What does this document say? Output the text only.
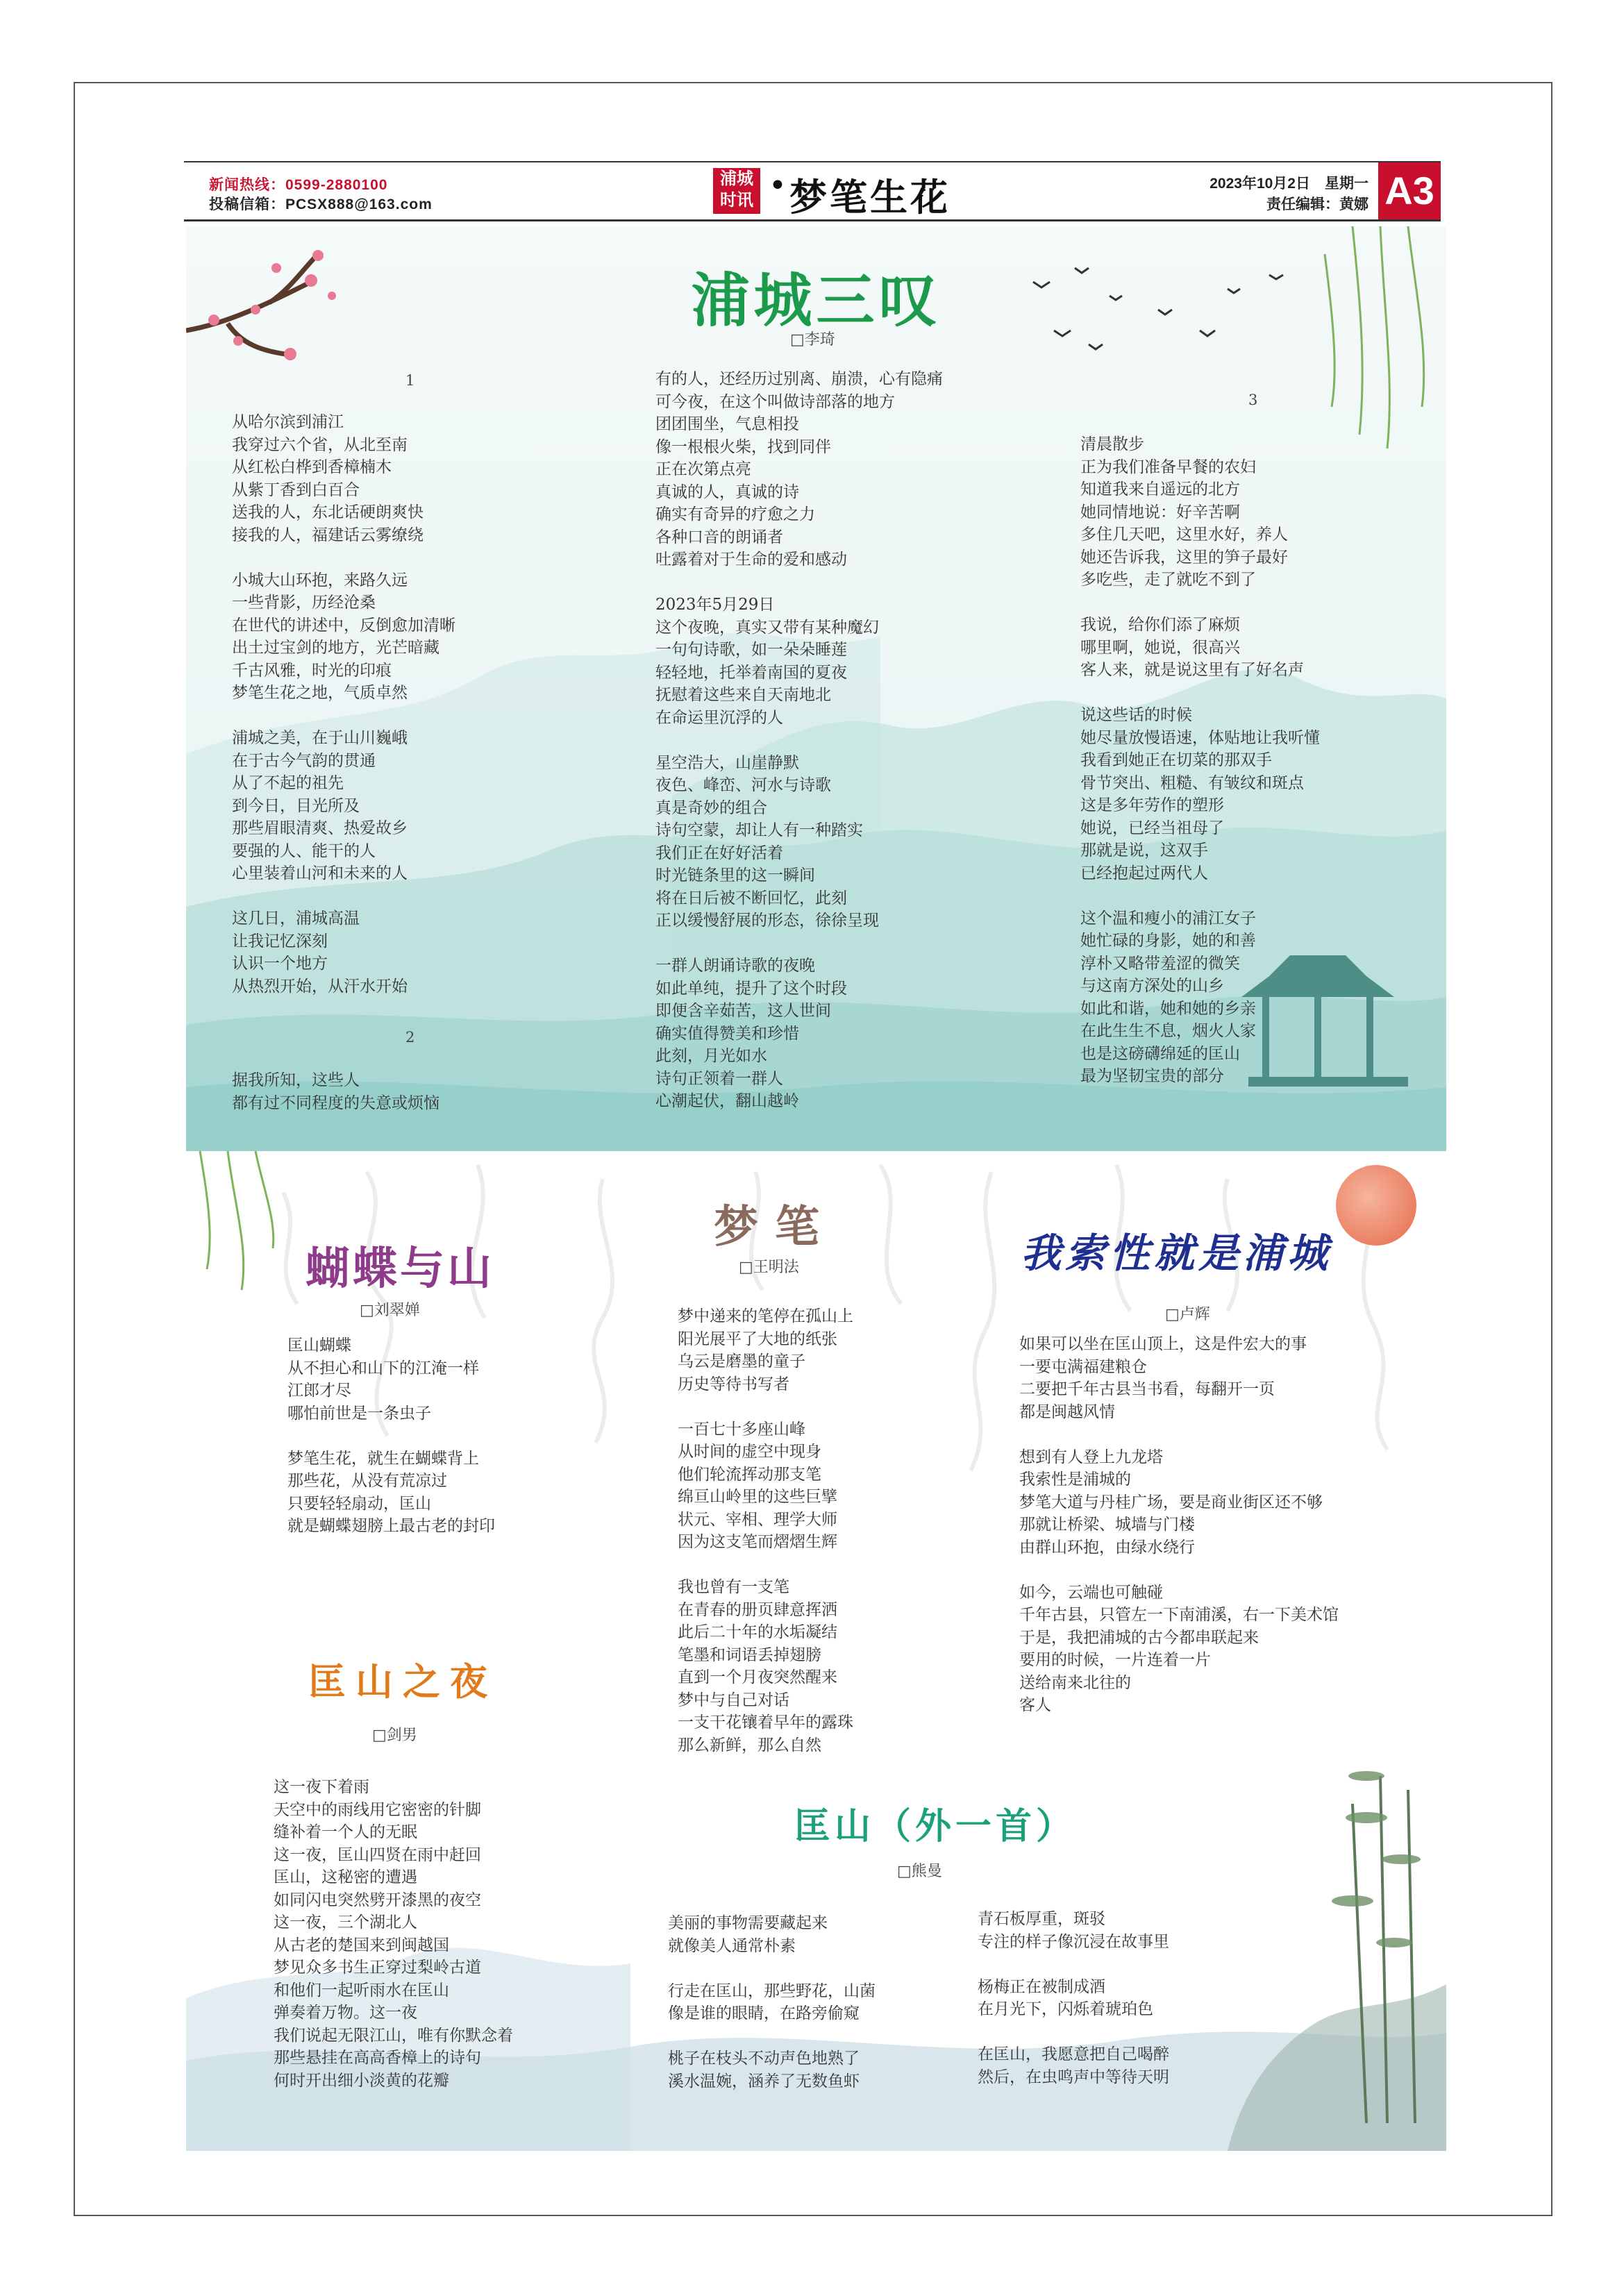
新闻热线：0599-2880100
投稿信箱：PCSX888@163.com
浦城
时讯 • 梦笔生花	2023年10月2日　星期一
责任编辑：黄娜 A3
浦城三叹
□李琦
1
2
3

从哈尔滨到浦江

我穿过六个省，从北至南

从红松白桦到香樟楠木

从紫丁香到白百合

送我的人，东北话硬朗爽快

接我的人，福建话云雾缭绕

小城大山环抱，来路久远

一些背影，历经沧桑

在世代的讲述中，反倒愈加清晰

出土过宝剑的地方，光芒暗藏

千古风雅，时光的印痕

梦笔生花之地，气质卓然

浦城之美，在于山川巍峨

在于古今气韵的贯通

从了不起的祖先

到今日，目光所及

那些眉眼清爽、热爱故乡

要强的人、能干的人

心里装着山河和未来的人

这几日，浦城高温

让我记忆深刻

认识一个地方

从热烈开始，从汗水开始

据我所知，这些人

都有过不同程度的失意或烦恼

有的人，还经历过别离、崩溃，心有隐痛

可今夜，在这个叫做诗部落的地方

团团围坐，气息相投

像一根根火柴，找到同伴

正在次第点亮

真诚的人，真诚的诗

确实有奇异的疗愈之力

各种口音的朗诵者

吐露着对于生命的爱和感动

2023年5月29日

这个夜晚，真实又带有某种魔幻

一句句诗歌，如一朵朵睡莲

轻轻地，托举着南国的夏夜

抚慰着这些来自天南地北

在命运里沉浮的人

星空浩大，山崖静默

夜色、峰峦、河水与诗歌

真是奇妙的组合

诗句空蒙，却让人有一种踏实

我们正在好好活着

时光链条里的这一瞬间

将在日后被不断回忆，此刻

正以缓慢舒展的形态，徐徐呈现

一群人朗诵诗歌的夜晚

如此单纯，提升了这个时段

即便含辛茹苦，这人世间

确实值得赞美和珍惜

此刻，月光如水

诗句正领着一群人

心潮起伏，翻山越岭

清晨散步

正为我们准备早餐的农妇

知道我来自遥远的北方

她同情地说：好辛苦啊

多住几天吧，这里水好，养人

她还告诉我，这里的笋子最好

多吃些，走了就吃不到了

我说，给你们添了麻烦

哪里啊，她说，很高兴

客人来，就是说这里有了好名声

说这些话的时候

她尽量放慢语速，体贴地让我听懂

我看到她正在切菜的那双手

骨节突出、粗糙、有皱纹和斑点

这是多年劳作的塑形

她说，已经当祖母了

那就是说，这双手

已经抱起过两代人

这个温和瘦小的浦江女子

她忙碌的身影，她的和善

淳朴又略带羞涩的微笑

与这南方深处的山乡

如此和谐，她和她的乡亲

在此生生不息，烟火人家

也是这磅礴绵延的匡山

最为坚韧宝贵的部分

蝴蝶与山
□刘翠婵

匡山蝴蝶

从不担心和山下的江淹一样

江郎才尽

哪怕前世是一条虫子

梦笔生花，就生在蝴蝶背上

那些花，从没有荒凉过

只要轻轻扇动，匡山

就是蝴蝶翅膀上最古老的封印

梦笔
□王明法

梦中递来的笔停在孤山上

阳光展平了大地的纸张

乌云是磨墨的童子

历史等待书写者

一百七十多座山峰

从时间的虚空中现身

他们轮流挥动那支笔

绵亘山岭里的这些巨擘

状元、宰相、理学大师

因为这支笔而熠熠生辉

我也曾有一支笔

在青春的册页肆意挥洒

此后二十年的水垢凝结

笔墨和词语丢掉翅膀

直到一个月夜突然醒来

梦中与自己对话

一支干花镶着早年的露珠

那么新鲜，那么自然

我索性就是浦城
□卢辉

如果可以坐在匡山顶上，这是件宏大的事

一要屯满福建粮仓

二要把千年古县当书看，每翻开一页

都是闽越风情

想到有人登上九龙塔

我索性是浦城的

梦笔大道与丹桂广场，要是商业街区还不够

那就让桥梁、城墙与门楼

由群山环抱，由绿水绕行

如今，云端也可触碰

千年古县，只管左一下南浦溪，右一下美术馆

于是，我把浦城的古今都串联起来

要用的时候，一片连着一片

送给南来北往的

客人

匡山之夜
□剑男

这一夜下着雨

天空中的雨线用它密密的针脚

缝补着一个人的无眠

这一夜，匡山四贤在雨中赶回

匡山，这秘密的遭遇

如同闪电突然劈开漆黑的夜空

这一夜，三个湖北人

从古老的楚国来到闽越国

梦见众多书生正穿过梨岭古道

和他们一起听雨水在匡山

弹奏着万物。这一夜

我们说起无限江山，唯有你默念着

那些悬挂在高高香樟上的诗句

何时开出细小淡黄的花瓣

匡山（外一首）
□熊曼

美丽的事物需要藏起来

就像美人通常朴素

行走在匡山，那些野花，山菌

像是谁的眼睛，在路旁偷窥

桃子在枝头不动声色地熟了

溪水温婉，涵养了无数鱼虾

青石板厚重，斑驳

专注的样子像沉浸在故事里

杨梅正在被制成酒

在月光下，闪烁着琥珀色

在匡山，我愿意把自己喝醉

然后，在虫鸣声中等待天明
